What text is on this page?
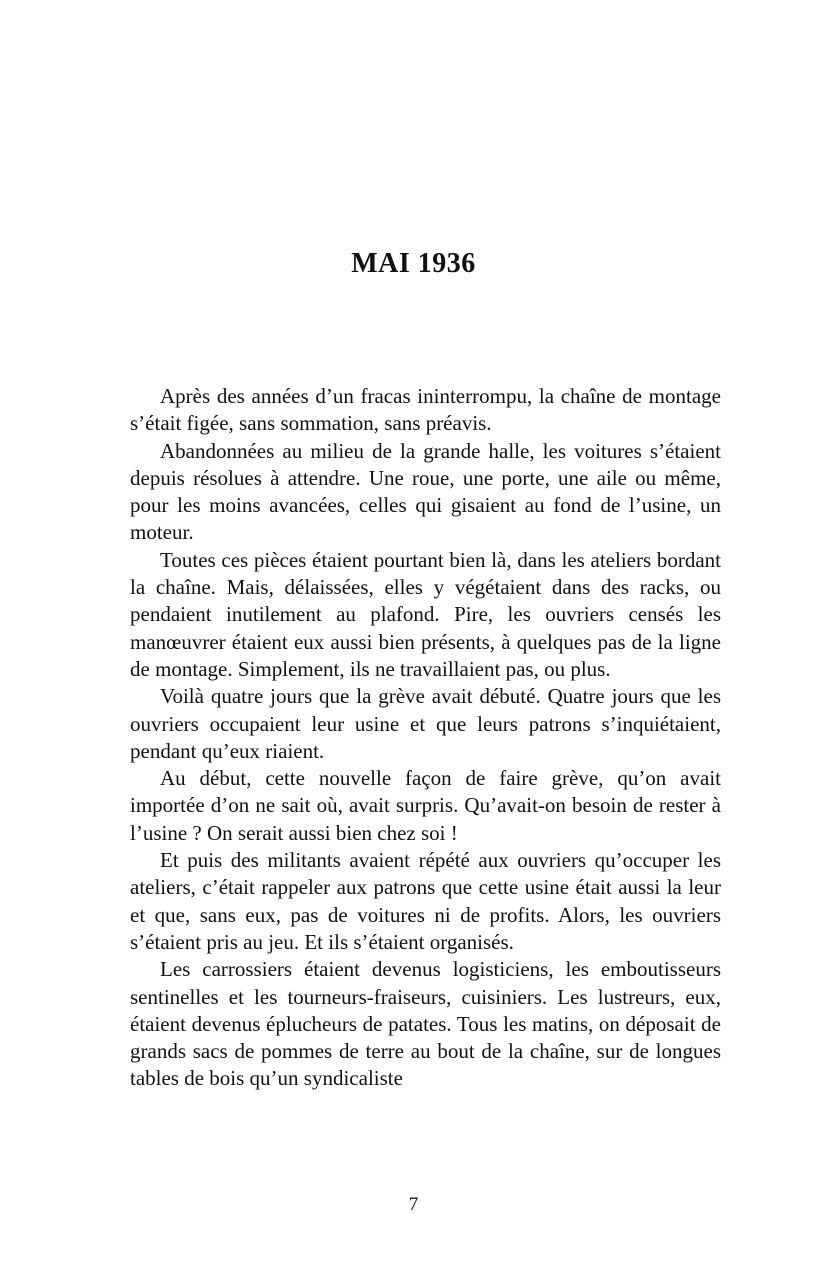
MAI 1936

Après des années d’un fracas ininterrompu, la chaîne de montage s’était figée, sans sommation, sans préavis.

Abandonnées au milieu de la grande halle, les voitures s’étaient depuis résolues à attendre. Une roue, une porte, une aile ou même, pour les moins avancées, celles qui gisaient au fond de l’usine, un moteur.

Toutes ces pièces étaient pourtant bien là, dans les ateliers bordant la chaîne. Mais, délaissées, elles y végétaient dans des racks, ou pendaient inutilement au plafond. Pire, les ouvriers censés les manœuvrer étaient eux aussi bien présents, à quelques pas de la ligne de montage. Simplement, ils ne travaillaient pas, ou plus.

Voilà quatre jours que la grève avait débuté. Quatre jours que les ouvriers occupaient leur usine et que leurs patrons s’inquiétaient, pendant qu’eux riaient.

Au début, cette nouvelle façon de faire grève, qu’on avait importée d’on ne sait où, avait surpris. Qu’avait-on besoin de rester à l’usine ? On serait aussi bien chez soi !

Et puis des militants avaient répété aux ouvriers qu’occuper les ateliers, c’était rappeler aux patrons que cette usine était aussi la leur et que, sans eux, pas de voitures ni de profits. Alors, les ouvriers s’étaient pris au jeu. Et ils s’étaient organisés.

Les carrossiers étaient devenus logisticiens, les emboutisseurs sentinelles et les tourneurs-fraiseurs, cuisiniers. Les lustreurs, eux, étaient devenus éplucheurs de patates. Tous les matins, on déposait de grands sacs de pommes de terre au bout de la chaîne, sur de longues tables de bois qu’un syndicaliste

7
